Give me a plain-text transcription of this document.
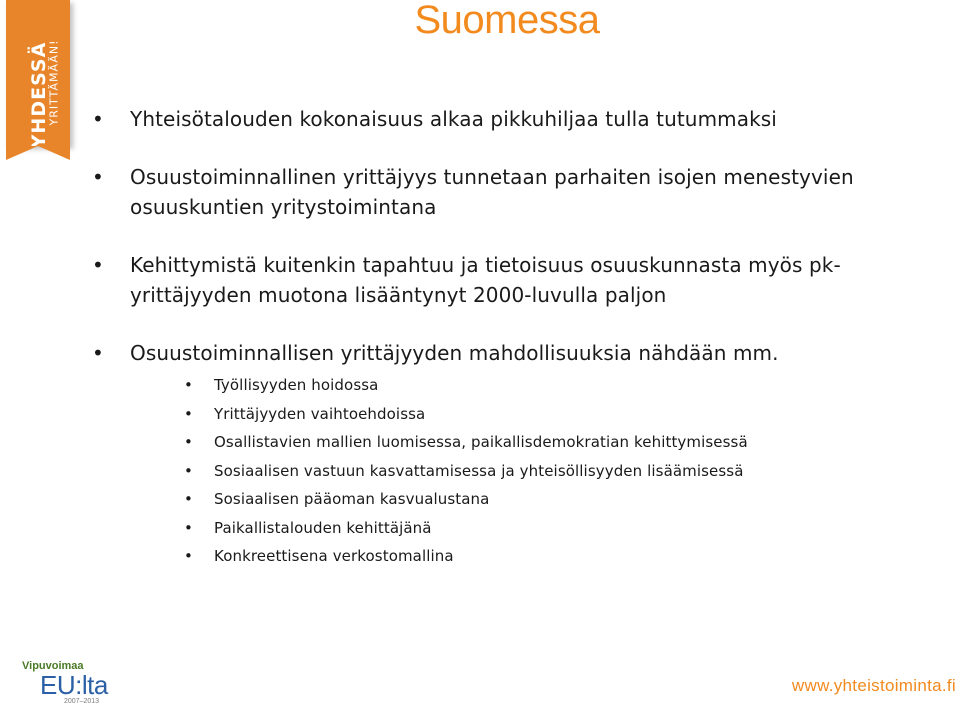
YHDESSÄ
YRITTÄMÄÄN!
Suomessa
• Yhteisötalouden kokonaisuus alkaa pikkuhiljaa tulla tutummaksi
• Osuustoiminnallinen yrittäjyys tunnetaan parhaiten isojen menestyvien osuuskuntien yritystoimintana
• Kehittymistä kuitenkin tapahtuu ja tietoisuus osuuskunnasta myös pk-yrittäjyyden muotona lisääntynyt 2000-luvulla paljon
• Osuustoiminnallisen yrittäjyyden mahdollisuuksia nähdään mm.
• Työllisyyden hoidossa
• Yrittäjyyden vaihtoehdoissa
• Osallistavien mallien luomisessa, paikallisdemokratian kehittymisessä
• Sosiaalisen vastuun kasvattamisessa ja yhteisöllisyyden lisäämisessä
• Sosiaalisen pääoman kasvualustana
• Paikallistalouden kehittäjänä
• Konkreettisena verkostomallina
Vipuvoimaa
EU:lta
2007–2013
www.yhteistoiminta.fi
